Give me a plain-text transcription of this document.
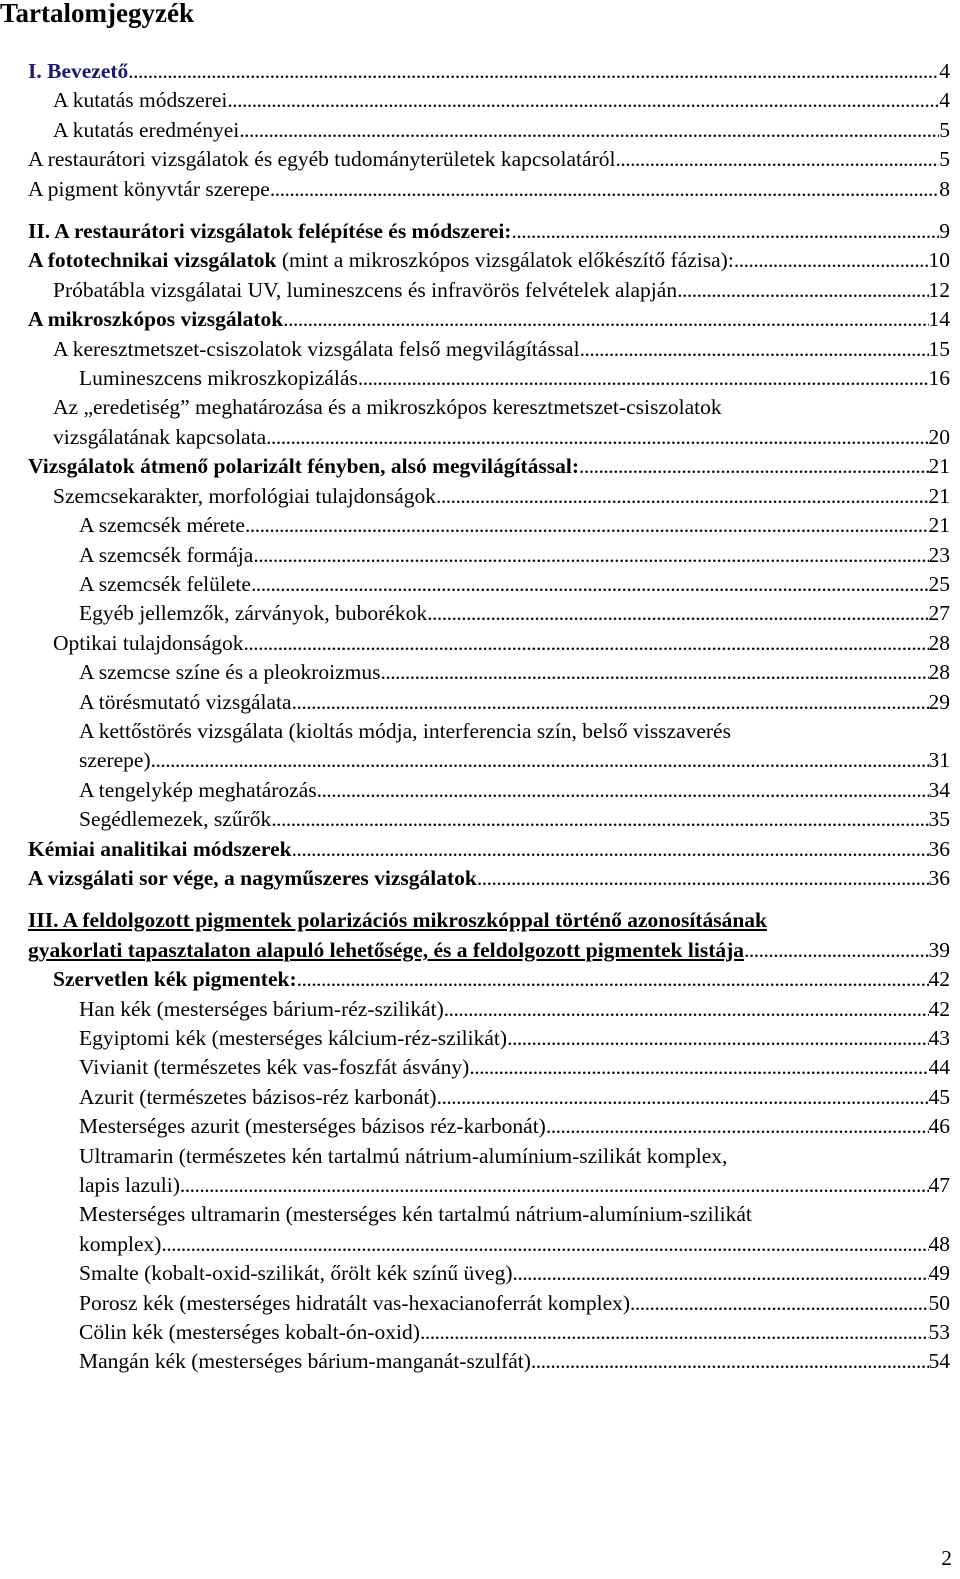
Tartalomjegyzék
I. Bevezető .....	4
A kutatás módszerei .....	4
A kutatás eredményei .....	5
A restaurátori vizsgálatok és egyéb tudományterületek kapcsolatáról .....	5
A pigment könyvtár szerepe .....	8
II. A restaurátori vizsgálatok felépítése és módszerei: .....	9
A fototechnikai vizsgálatok (mint a mikroszkópos vizsgálatok előkészítő fázisa): .....	10
Próbatábla vizsgálatai UV, lumineszcens és infravörös felvételek alapján .....	12
A mikroszkópos vizsgálatok .....	14
A keresztmetszet-csiszolatok vizsgálata felső megvilágítással .....	15
Lumineszcens mikroszkopizálás .....	16
Az „eredetiség” meghatározása és a mikroszkópos keresztmetszet-csiszolatok
vizsgálatának kapcsolata .....	20
Vizsgálatok átmenő polarizált fényben, alsó megvilágítással: .....	21
Szemcsekarakter, morfológiai tulajdonságok .....	21
A szemcsék mérete .....	21
A szemcsék formája .....	23
A szemcsék felülete .....	25
Egyéb jellemzők, zárványok, buborékok .....	27
Optikai tulajdonságok .....	28
A szemcse színe és a pleokroizmus .....	28
A törésmutató vizsgálata .....	29
A kettőstörés vizsgálata (kioltás módja, interferencia szín, belső visszaverés
szerepe) .....	31
A tengelykép meghatározás .....	34
Segédlemezek, szűrők .....	35
Kémiai analitikai módszerek .....	36
A vizsgálati sor vége, a nagyműszeres vizsgálatok .....	36
III. A feldolgozott pigmentek polarizációs mikroszkóppal történő azonosításának
gyakorlati tapasztalaton alapuló lehetősége, és a feldolgozott pigmentek listája .....	39
Szervetlen kék pigmentek: .....	42
Han kék (mesterséges bárium-réz-szilikát) .....	42
Egyiptomi kék (mesterséges kálcium-réz-szilikát) .....	43
Vivianit (természetes kék vas-foszfát ásvány) .....	44
Azurit (természetes bázisos-réz karbonát) .....	45
Mesterséges azurit (mesterséges bázisos réz-karbonát) .....	46
Ultramarin (természetes kén tartalmú nátrium-alumínium-szilikát komplex,
lapis lazuli) .....	47
Mesterséges ultramarin (mesterséges kén tartalmú nátrium-alumínium-szilikát
komplex) .....	48
Smalte (kobalt-oxid-szilikát, őrölt kék színű üveg) .....	49
Porosz kék (mesterséges hidratált vas-hexacianoferrát komplex) .....	50
Cölin kék (mesterséges kobalt-ón-oxid) .....	53
Mangán kék (mesterséges bárium-manganát-szulfát) .....	54
2
